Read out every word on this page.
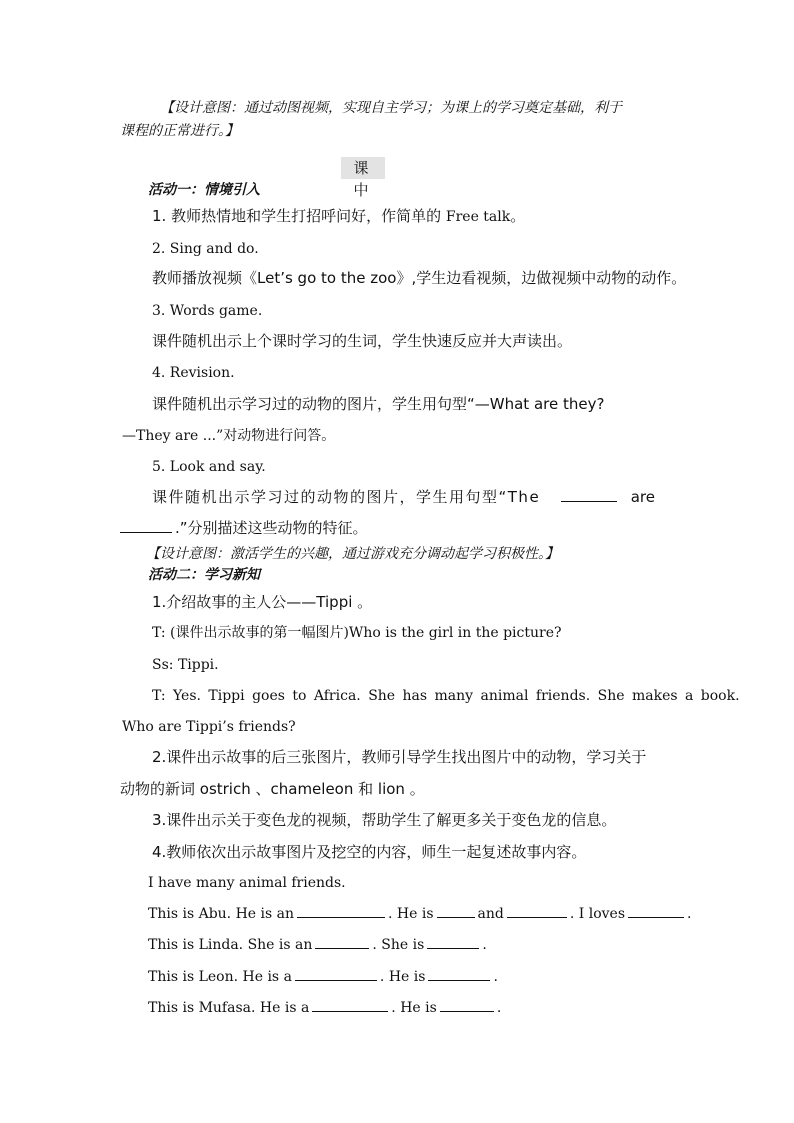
【设计意图：通过动图视频，实现自主学习；为课上的学习奠定基础，利于
课程的正常进行。】
课 中
活动一：情境引入
1. 教师热情地和学生打招呼问好，作简单的 Free talk。
2. Sing and do.
教师播放视频《Let’s go to the zoo》,学生边看视频，边做视频中动物的动作。
3. Words game.
课件随机出示上个课时学习的生词，学生快速反应并大声读出。
4. Revision.
课件随机出示学习过的动物的图片，学生用句型“—What are they?
—They are ...”对动物进行问答。
5. Look and say.
课件随机出示学习过的动物的图片，学生用句型“The	are
.”分别描述这些动物的特征。
【设计意图：激活学生的兴趣，通过游戏充分调动起学习积极性。】
活动二：学习新知
1.介绍故事的主人公——Tippi 。
T: (课件出示故事的第一幅图片)Who is the girl in the picture?
Ss: Tippi.
T: Yes. Tippi goes to Africa. She has many animal friends. She makes a book.
Who are Tippi’s friends?
2.课件出示故事的后三张图片，教师引导学生找出图片中的动物，学习关于
动物的新词 ostrich 、chameleon 和 lion 。
3.课件出示关于变色龙的视频，帮助学生了解更多关于变色龙的信息。
4.教师依次出示故事图片及挖空的内容，师生一起复述故事内容。
I have many animal friends.
This is Abu. He is an	. He is	and	. I loves	.
This is Linda. She is an	. She is	.
This is Leon. He is a	. He is	.
This is Mufasa. He is a	. He is	.
